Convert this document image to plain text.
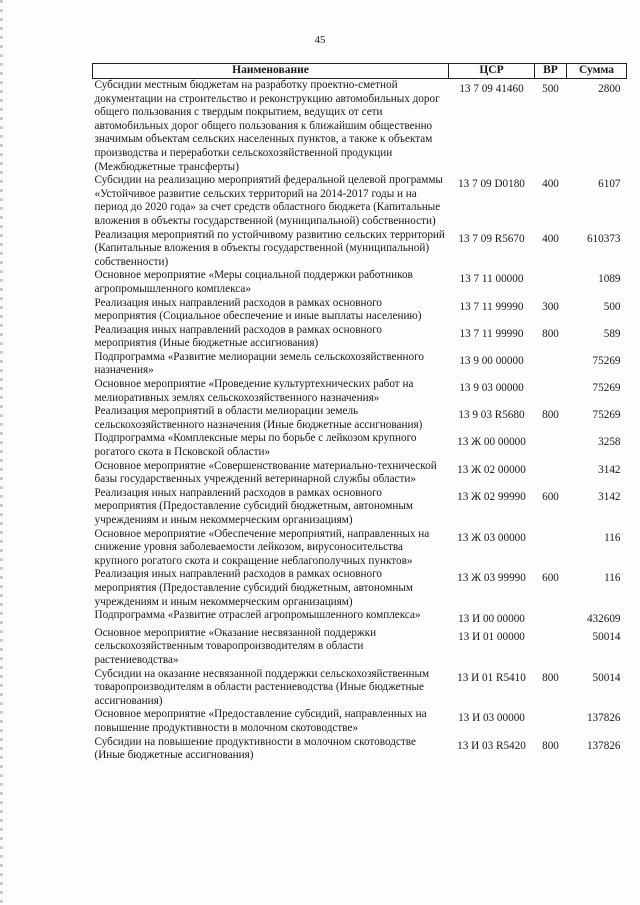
45
Наименование	ЦСР	ВР	Сумма
Субсидии местным бюджетам на разработку проектно-сметной документации на строительство и реконструкцию автомобильных дорог общего пользования с твердым покрытием, ведущих от сети автомобильных дорог общего пользования к ближайшим общественно значимым объектам сельских населенных пунктов, а также к объектам производства и переработки сельскохозяйственной продукции (Межбюджетные трансферты)	13 7 09 41460	500	2800
Субсидии на реализацию мероприятий федеральной целевой программы «Устойчивое развитие сельских территорий на 2014-2017 годы и на период до 2020 года» за счет средств областного бюджета (Капитальные вложения в объекты государственной (муниципальной) собственности)	13 7 09 D0180	400	6107
Реализация мероприятий по устойчивому развитию сельских территорий (Капитальные вложения в объекты государственной (муниципальной) собственности)	13 7 09 R5670	400	610373
Основное мероприятие «Меры социальной поддержки работников агропромышленного комплекса»	13 7 11 00000		1089
Реализация иных направлений расходов в рамках основного мероприятия (Социальное обеспечение и иные выплаты населению)	13 7 11 99990	300	500
Реализация иных направлений расходов в рамках основного мероприятия (Иные бюджетные ассигнования)	13 7 11 99990	800	589
Подпрограмма «Развитие мелиорации земель сельскохозяйственного назначения»	13 9 00 00000		75269
Основное мероприятие «Проведение культуртехнических работ на мелиоративных землях сельскохозяйственного назначения»	13 9 03 00000		75269
Реализация мероприятий в области мелиорации земель сельскохозяйственного назначения (Иные бюджетные ассигнования)	13 9 03 R5680	800	75269
Подпрограмма «Комплексные меры по борьбе с лейкозом крупного рогатого скота в Псковской области»	13 Ж 00 00000		3258
Основное мероприятие «Совершенствование материально-технической базы государственных учреждений ветеринарной службы области»	13 Ж 02 00000		3142
Реализация иных направлений расходов в рамках основного мероприятия (Предоставление субсидий бюджетным, автономным учреждениям и иным некоммерческим организациям)	13 Ж 02 99990	600	3142
Основное мероприятие «Обеспечение мероприятий, направленных на снижение уровня заболеваемости лейкозом, вирусоносительства крупного рогатого скота и сокращение неблагополучных пунктов»	13 Ж 03 00000		116
Реализация иных направлений расходов в рамках основного мероприятия (Предоставление субсидий бюджетным, автономным учреждениям и иным некоммерческим организациям)	13 Ж 03 99990	600	116
Подпрограмма «Развитие отраслей агропромышленного комплекса»	13 И 00 00000		432609
Основное мероприятие «Оказание несвязанной поддержки сельскохозяйственным товаропроизводителям в области растениеводства»	13 И 01 00000		50014
Субсидии на оказание несвязанной поддержки сельскохозяйственным товаропроизводителям в области растениеводства (Иные бюджетные ассигнования)	13 И 01 R5410	800	50014
Основное мероприятие «Предоставление субсидий, направленных на повышение продуктивности в молочном скотоводстве»	13 И 03 00000		137826
Субсидии на повышение продуктивности в молочном скотоводстве (Иные бюджетные ассигнования)	13 И 03 R5420	800	137826
